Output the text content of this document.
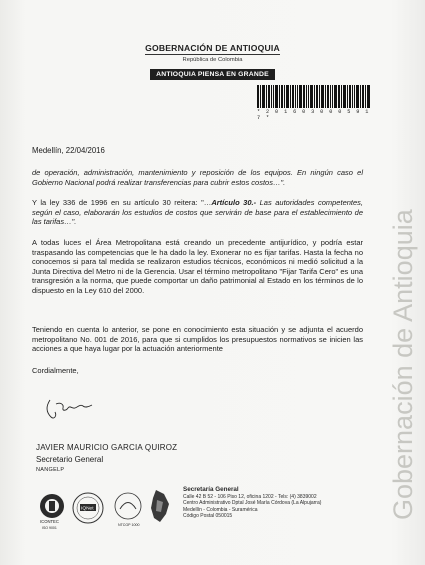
GOBERNACIÓN DE ANTIOQUIA
República de Colombia
ANTIOQUIA PIENSA EN GRANDE
* 2 0 1 6 0 3 0 0 0 5 9 1 7 *
Gobernación de Antioquia
Medellín, 22/04/2016

de operación, administración, mantenimiento y reposición de los equipos. En ningún caso el Gobierno Nacional podrá realizar transferencias para cubrir estos costos…".

Y la ley 336 de 1996 en su artículo 30 reitera: "…Artículo 30.- Las autoridades competentes, según el caso, elaborarán los estudios de costos que servirán de base para el establecimiento de las tarifas…".

A todas luces el Área Metropolitana está creando un precedente antijurídico, y podría estar traspasando las competencias que le ha dado la ley. Exonerar no es fijar tarifas. Hasta la fecha no conocemos si para tal medida se realizaron estudios técnicos, económicos ni medió solicitud a la Junta Directiva del Metro ni de la Gerencia. Usar el término metropolitano "Fijar Tarifa Cero" es una transgresión a la norma, que puede comportar un daño patrimonial al Estado en los términos de lo dispuesto en la Ley 610 del 2000.

Teniendo en cuenta lo anterior, se pone en conocimiento esta situación y se adjunta el acuerdo metropolitano No. 001 de 2016, para que si cumplidos los presupuestos normativos se inicien las acciones a que haya lugar por la actuación anteriormente

Cordialmente,

JAVIER MAURICIO GARCIA QUIROZ
Secretario General
NANGELP
ICONTEC
ISO 9001
IQNet
NTCGP 1000
Secretaría General
Calle 42 B 52 - 106 Piso 12, oficina 1202 - Tels: (4) 3839002
Centro Administrativo Dptal José María Córdova (La Alpujarra)
Medellín - Colombia - Suramérica
Código Postal 050015
